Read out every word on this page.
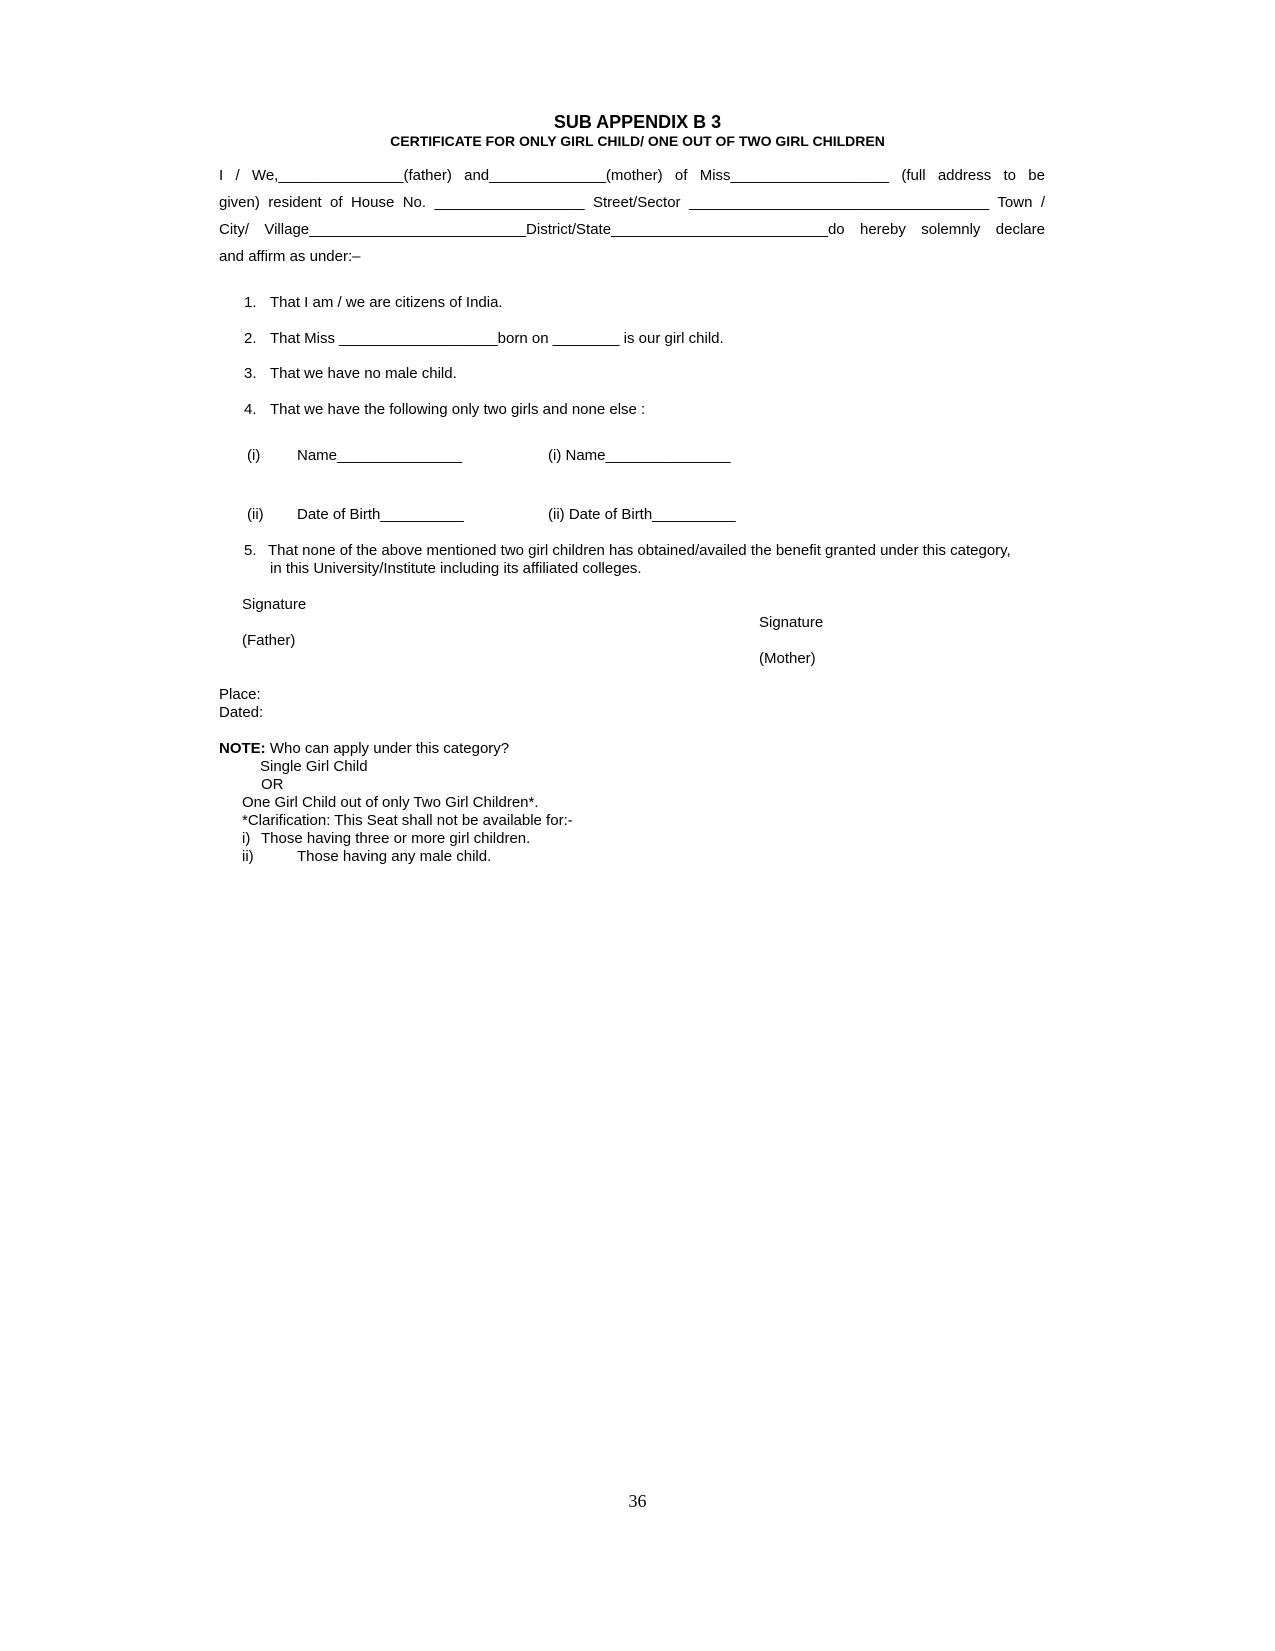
SUB APPENDIX B 3
CERTIFICATE FOR ONLY GIRL CHILD/ ONE OUT OF TWO GIRL CHILDREN
I / We,_______________(father) and______________(mother) of Miss___________________ (full address to be
given) resident of House No. __________________ Street/Sector ____________________________________ Town /
City/ Village__________________________District/State__________________________do hereby solemnly declare
and affirm as under:–
1. That I am / we are citizens of India.
2. That Miss ___________________born on ________ is our girl child.
3. That we have no male child.
4. That we have the following only two girls and none else :
(i) Name_______________	(i) Name_______________
(ii) Date of Birth__________	(ii) Date of Birth__________
5. That none of the above mentioned two girl children has obtained/availed the benefit granted under this category,
in this University/Institute including its affiliated colleges.
Signature
(Father)
Signature
(Mother)
Place:
Dated:
NOTE: Who can apply under this category?
Single Girl Child
OR
One Girl Child out of only Two Girl Children*.
*Clarification: This Seat shall not be available for:-
i) Those having three or more girl children.
ii)	Those having any male child.
36
